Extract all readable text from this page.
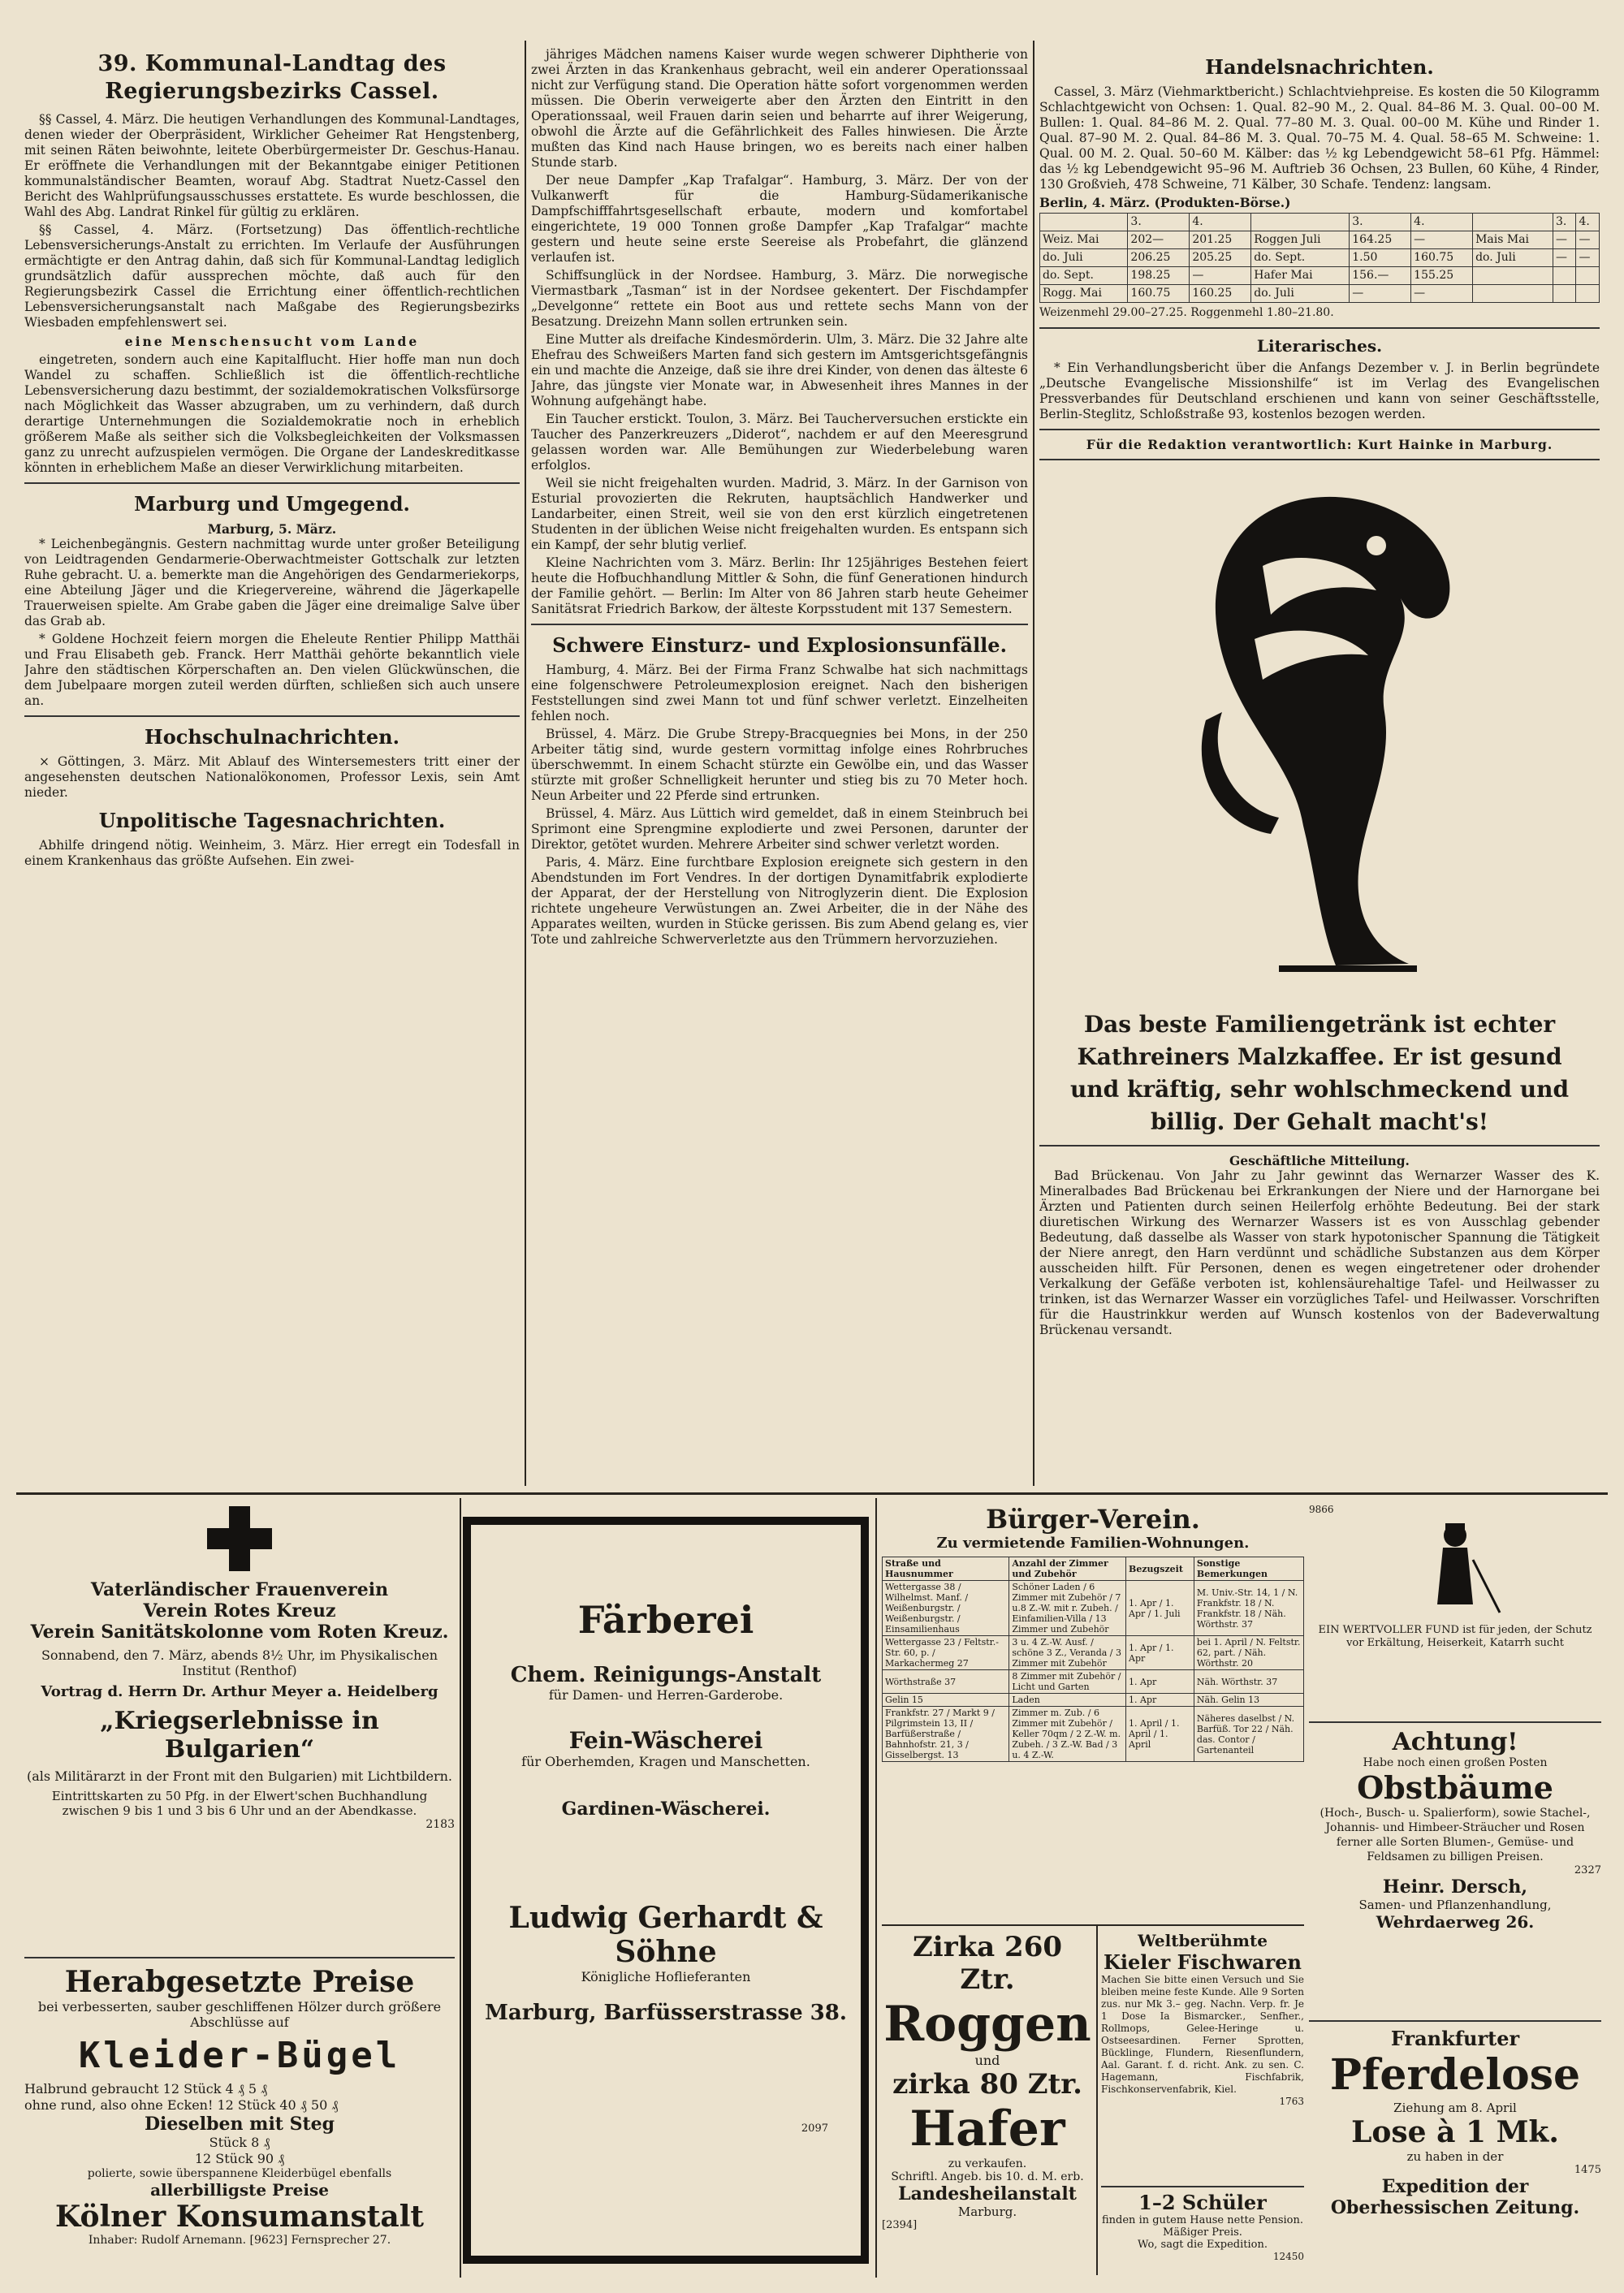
39. Kommunal-Landtag des Regierungsbezirks Cassel.

§§ Cassel, 4. März. Die heutigen Verhandlungen des Kommunal-Landtages, denen wieder der Oberpräsident, Wirklicher Geheimer Rat Hengstenberg, mit seinen Räten beiwohnte, leitete Oberbürgermeister Dr. Geschus-Hanau. Er eröffnete die Verhandlungen mit der Bekanntgabe einiger Petitionen kommunalständischer Beamten, worauf Abg. Stadtrat Nuetz-Cassel den Bericht des Wahlprüfungsausschusses erstattete. Es wurde beschlossen, die Wahl des Abg. Landrat Rinkel für gültig zu erklären.

§§ Cassel, 4. März. (Fortsetzung) Das öffentlich-rechtliche Lebensversicherungs-Anstalt zu errichten. Im Verlaufe der Ausführungen ermächtigte er den Antrag dahin, daß sich für Kommunal-Landtag lediglich grundsätzlich dafür aussprechen möchte, daß auch für den Regierungsbezirk Cassel die Errichtung einer öffentlich-rechtlichen Lebensversicherungsanstalt nach Maßgabe des Regierungsbezirks Wiesbaden empfehlenswert sei.

eine Menschensucht vom Lande

eingetreten, sondern auch eine Kapitalflucht. Hier hoffe man nun doch Wandel zu schaffen. Schließlich ist die öffentlich-rechtliche Lebensversicherung dazu bestimmt, der sozialdemokratischen Volksfürsorge nach Möglichkeit das Wasser abzugraben, um zu verhindern, daß durch derartige Unternehmungen die Sozialdemokratie noch in erheblich größerem Maße als seither sich die Volksbegleichkeiten der Volksmassen ganz zu unrecht aufzuspielen vermögen. Die Organe der Landeskreditkasse könnten in erheblichem Maße an dieser Verwirklichung mitarbeiten.

Marburg und Umgegend.
Marburg, 5. März.

* Leichenbegängnis. Gestern nachmittag wurde unter großer Beteiligung von Leidtragenden Gendarmerie-Oberwachtmeister Gottschalk zur letzten Ruhe gebracht. U. a. bemerkte man die Angehörigen des Gendarmeriekorps, eine Abteilung Jäger und die Kriegervereine, während die Jägerkapelle Trauerweisen spielte. Am Grabe gaben die Jäger eine dreimalige Salve über das Grab ab.

* Goldene Hochzeit feiern morgen die Eheleute Rentier Philipp Matthäi und Frau Elisabeth geb. Franck. Herr Matthäi gehörte bekanntlich viele Jahre den städtischen Körperschaften an. Den vielen Glückwünschen, die dem Jubelpaare morgen zuteil werden dürften, schließen sich auch unsere an.

Hochschulnachrichten.

× Göttingen, 3. März. Mit Ablauf des Wintersemesters tritt einer der angesehensten deutschen Nationalökonomen, Professor Lexis, sein Amt nieder.

Unpolitische Tagesnachrichten.

Abhilfe dringend nötig. Weinheim, 3. März. Hier erregt ein Todesfall in einem Krankenhaus das größte Aufsehen. Ein zwei-

jähriges Mädchen namens Kaiser wurde wegen schwerer Diphtherie von zwei Ärzten in das Krankenhaus gebracht, weil ein anderer Operationssaal nicht zur Verfügung stand. Die Operation hätte sofort vorgenommen werden müssen. Die Oberin verweigerte aber den Ärzten den Eintritt in den Operationssaal, weil Frauen darin seien und beharrte auf ihrer Weigerung, obwohl die Ärzte auf die Gefährlichkeit des Falles hinwiesen. Die Ärzte mußten das Kind nach Hause bringen, wo es bereits nach einer halben Stunde starb.

Der neue Dampfer „Kap Trafalgar“. Hamburg, 3. März. Der von der Vulkanwerft für die Hamburg-Südamerikanische Dampfschifffahrtsgesellschaft erbaute, modern und komfortabel eingerichtete, 19 000 Tonnen große Dampfer „Kap Trafalgar“ machte gestern und heute seine erste Seereise als Probefahrt, die glänzend verlaufen ist.

Schiffsunglück in der Nordsee. Hamburg, 3. März. Die norwegische Viermastbark „Tasman“ ist in der Nordsee gekentert. Der Fischdampfer „Develgonne“ rettete ein Boot aus und rettete sechs Mann von der Besatzung. Dreizehn Mann sollen ertrunken sein.

Eine Mutter als dreifache Kindesmörderin. Ulm, 3. März. Die 32 Jahre alte Ehefrau des Schweißers Marten fand sich gestern im Amtsgerichtsgefängnis ein und machte die Anzeige, daß sie ihre drei Kinder, von denen das älteste 6 Jahre, das jüngste vier Monate war, in Abwesenheit ihres Mannes in der Wohnung aufgehängt habe.

Ein Taucher erstickt. Toulon, 3. März. Bei Taucherversuchen erstickte ein Taucher des Panzerkreuzers „Diderot“, nachdem er auf den Meeresgrund gelassen worden war. Alle Bemühungen zur Wiederbelebung waren erfolglos.

Weil sie nicht freigehalten wurden. Madrid, 3. März. In der Garnison von Esturial provozierten die Rekruten, hauptsächlich Handwerker und Landarbeiter, einen Streit, weil sie von den erst kürzlich eingetretenen Studenten in der üblichen Weise nicht freigehalten wurden. Es entspann sich ein Kampf, der sehr blutig verlief.

Kleine Nachrichten vom 3. März. Berlin: Ihr 125jähriges Bestehen feiert heute die Hofbuchhandlung Mittler & Sohn, die fünf Generationen hindurch der Familie gehört. — Berlin: Im Alter von 86 Jahren starb heute Geheimer Sanitätsrat Friedrich Barkow, der älteste Korpsstudent mit 137 Semestern.

Schwere Einsturz- und Explosionsunfälle.

Hamburg, 4. März. Bei der Firma Franz Schwalbe hat sich nachmittags eine folgenschwere Petroleumexplosion ereignet. Nach den bisherigen Feststellungen sind zwei Mann tot und fünf schwer verletzt. Einzelheiten fehlen noch.

Brüssel, 4. März. Die Grube Strepy-Bracquegnies bei Mons, in der 250 Arbeiter tätig sind, wurde gestern vormittag infolge eines Rohrbruches überschwemmt. In einem Schacht stürzte ein Gewölbe ein, und das Wasser stürzte mit großer Schnelligkeit herunter und stieg bis zu 70 Meter hoch. Neun Arbeiter und 22 Pferde sind ertrunken.

Brüssel, 4. März. Aus Lüttich wird gemeldet, daß in einem Steinbruch bei Sprimont eine Sprengmine explodierte und zwei Personen, darunter der Direktor, getötet wurden. Mehrere Arbeiter sind schwer verletzt worden.

Paris, 4. März. Eine furchtbare Explosion ereignete sich gestern in den Abendstunden im Fort Vendres. In der dortigen Dynamitfabrik explodierte der Apparat, der der Herstellung von Nitroglyzerin dient. Die Explosion richtete ungeheure Verwüstungen an. Zwei Arbeiter, die in der Nähe des Apparates weilten, wurden in Stücke gerissen. Bis zum Abend gelang es, vier Tote und zahlreiche Schwerverletzte aus den Trümmern hervorzuziehen.

Handelsnachrichten.

Cassel, 3. März (Viehmarktbericht.) Schlachtviehpreise. Es kosten die 50 Kilogramm Schlachtgewicht von Ochsen: 1. Qual. 82–90 M., 2. Qual. 84–86 M. 3. Qual. 00–00 M. Bullen: 1. Qual. 84–86 M. 2. Qual. 77–80 M. 3. Qual. 00–00 M. Kühe und Rinder 1. Qual. 87–90 M. 2. Qual. 84–86 M. 3. Qual. 70–75 M. 4. Qual. 58–65 M. Schweine: 1. Qual. 00 M. 2. Qual. 50–60 M. Kälber: das ½ kg Lebendgewicht 58–61 Pfg. Hämmel: das ½ kg Lebendgewicht 95–96 M. Auftrieb 36 Ochsen, 23 Bullen, 60 Kühe, 4 Rinder, 130 Großvieh, 478 Schweine, 71 Kälber, 30 Schafe. Tendenz: langsam.

Berlin, 4. März. (Produkten-Börse.)
	3.	4.		3.	4.		3.	4.
Weiz. Mai	202—	201.25	Roggen Juli	164.25	—	Mais Mai	—	—
do. Juli	206.25	205.25	do. Sept.	1.50	160.75	do. Juli	—	—
do. Sept.	198.25	—	Hafer Mai	156.—	155.25			
Rogg. Mai	160.75	160.25	do. Juli	—	—			
Weizenmehl 29.00–27.25. Roggenmehl 1.80–21.80.
Literarisches.

* Ein Verhandlungsbericht über die Anfangs Dezember v. J. in Berlin begründete „Deutsche Evangelische Missionshilfe“ ist im Verlag des Evangelischen Pressverbandes für Deutschland erschienen und kann von seiner Geschäftsstelle, Berlin-Steglitz, Schloßstraße 93, kostenlos bezogen werden.

Für die Redaktion verantwortlich: Kurt Hainke in Marburg.
Das beste Familiengetränk ist echter Kathreiners Malzkaffee. Er ist gesund und kräftig, sehr wohlschmeckend und billig. Der Gehalt macht's!
Geschäftliche Mitteilung.

Bad Brückenau. Von Jahr zu Jahr gewinnt das Wernarzer Wasser des K. Mineralbades Bad Brückenau bei Erkrankungen der Niere und der Harnorgane bei Ärzten und Patienten durch seinen Heilerfolg erhöhte Bedeutung. Bei der stark diuretischen Wirkung des Wernarzer Wassers ist es von Ausschlag gebender Bedeutung, daß dasselbe als Wasser von stark hypotonischer Spannung die Tätigkeit der Niere anregt, den Harn verdünnt und schädliche Substanzen aus dem Körper ausscheiden hilft. Für Personen, denen es wegen eingetretener oder drohender Verkalkung der Gefäße verboten ist, kohlensäurehaltige Tafel- und Heilwasser zu trinken, ist das Wernarzer Wasser ein vorzügliches Tafel- und Heilwasser. Vorschriften für die Haustrinkkur werden auf Wunsch kostenlos von der Badeverwaltung Brückenau versandt.

Vaterländischer Frauenverein
Verein Rotes Kreuz
Verein Sanitätskolonne vom Roten Kreuz.
Sonnabend, den 7. März, abends 8½ Uhr, im Physikalischen Institut (Renthof)
Vortrag d. Herrn Dr. Arthur Meyer a. Heidelberg
„Kriegserlebnisse in Bulgarien“
(als Militärarzt in der Front mit den Bulgarien) mit Lichtbildern.
Eintrittskarten zu 50 Pfg. in der Elwert'schen Buchhandlung zwischen 9 bis 1 und 3 bis 6 Uhr und an der Abendkasse.
2183
Herabgesetzte Preise
bei verbesserten, sauber geschliffenen Hölzer durch größere Abschlüsse auf
Kleider-Bügel
Halbrund gebraucht 12 Stück 4 ₰ 5 ₰
ohne rund, also ohne Ecken! 12 Stück 40 ₰ 50 ₰
Dieselben mit Steg
Stück 8 ₰
12 Stück 90 ₰
polierte, sowie überspannene Kleiderbügel ebenfalls
allerbilligste Preise
Kölner Konsumanstalt
Inhaber: Rudolf Arnemann. [9623] Fernsprecher 27.
Färberei
Chem. Reinigungs-Anstalt
für Damen- und Herren-Garderobe.
Fein-Wäscherei
für Oberhemden, Kragen und Manschetten.
Gardinen-Wäscherei.
Ludwig Gerhardt & Söhne
Königliche Hoflieferanten
Marburg, Barfüsserstrasse 38.
2097
Bürger-Verein.
Zu vermietende Familien-Wohnungen.
Straße und Hausnummer	Anzahl der Zimmer und Zubehör	Bezugszeit	Sonstige Bemerkungen
Wettergasse 38 / Wilhelmst. Manf. / Weißenburgstr. / Weißenburgstr. / Einsamilienhaus	Schöner Laden / 6 Zimmer mit Zubehör / 7 u.8 Z.-W. mit r. Zubeh. / Einfamilien-Villa / 13 Zimmer und Zubehör	1. Apr / 1. Apr / 1. Juli	M. Univ.-Str. 14, 1 / N. Frankfstr. 18 / N. Frankfstr. 18 / Näh. Wörthstr. 37
Wettergasse 23 / Feltstr.-Str. 60, p. / Markachermeg 27	3 u. 4 Z.-W. Ausf. / schöne 3 Z., Veranda / 3 Zimmer mit Zubehör	1. Apr / 1. Apr	bei 1. April / N. Feltstr. 62, part. / Näh. Wörthstr. 20
Wörthstraße 37	8 Zimmer mit Zubehör / Licht und Garten	1. Apr	Näh. Wörthstr. 37
Gelin 15	Laden	1. Apr	Näh. Gelin 13
Frankfstr. 27 / Markt 9 / Pilgrimstein 13, II / Barfüßerstraße / Bahnhofstr. 21, 3 / Gisselbergst. 13	Zimmer m. Zub. / 6 Zimmer mit Zubehör / Keller 70qm / 2 Z.-W. m. Zubeh. / 3 Z.-W. Bad / 3 u. 4 Z.-W.	1. April / 1. April / 1. April	Näheres daselbst / N. Barfüß. Tor 22 / Näh. das. Contor / Gartenanteil
9866
EIN WERTVOLLER FUND ist für jeden, der Schutz vor Erkältung, Heiserkeit, Katarrh sucht
Achtung!
Habe noch einen großen Posten
Obstbäume
(Hoch-, Busch- u. Spalierform), sowie Stachel-, Johannis- und Himbeer-Sträucher und Rosen ferner alle Sorten Blumen-, Gemüse- und Feldsamen zu billigen Preisen.
2327
Heinr. Dersch,
Samen- und Pflanzenhandlung,
Wehrdaerweg 26.
Zirka 260 Ztr.
Roggen
und
zirka 80 Ztr.
Hafer
zu verkaufen.
Schriftl. Angeb. bis 10. d. M. erb.
Landesheilanstalt
Marburg.
[2394]
Weltberühmte
Kieler Fischwaren
Machen Sie bitte einen Versuch und Sie bleiben meine feste Kunde. Alle 9 Sorten zus. nur Mk 3.– geg. Nachn. Verp. fr. Je 1 Dose Ia Bismarcker., Senfher., Rollmops, Gelee-Heringe u. Ostseesardinen. Ferner Sprotten, Bücklinge, Flundern, Riesenflundern, Aal. Garant. f. d. richt. Ank. zu sen. C. Hagemann, Fischfabrik, Fischkonservenfabrik, Kiel.
1763
1–2 Schüler
finden in gutem Hause nette Pension. Mäßiger Preis.
Wo, sagt die Expedition.
12450
Frankfurter
Pferdelose
Ziehung am 8. April
Lose à 1 Mk.
zu haben in der
1475
Expedition der
Oberhessischen Zeitung.
